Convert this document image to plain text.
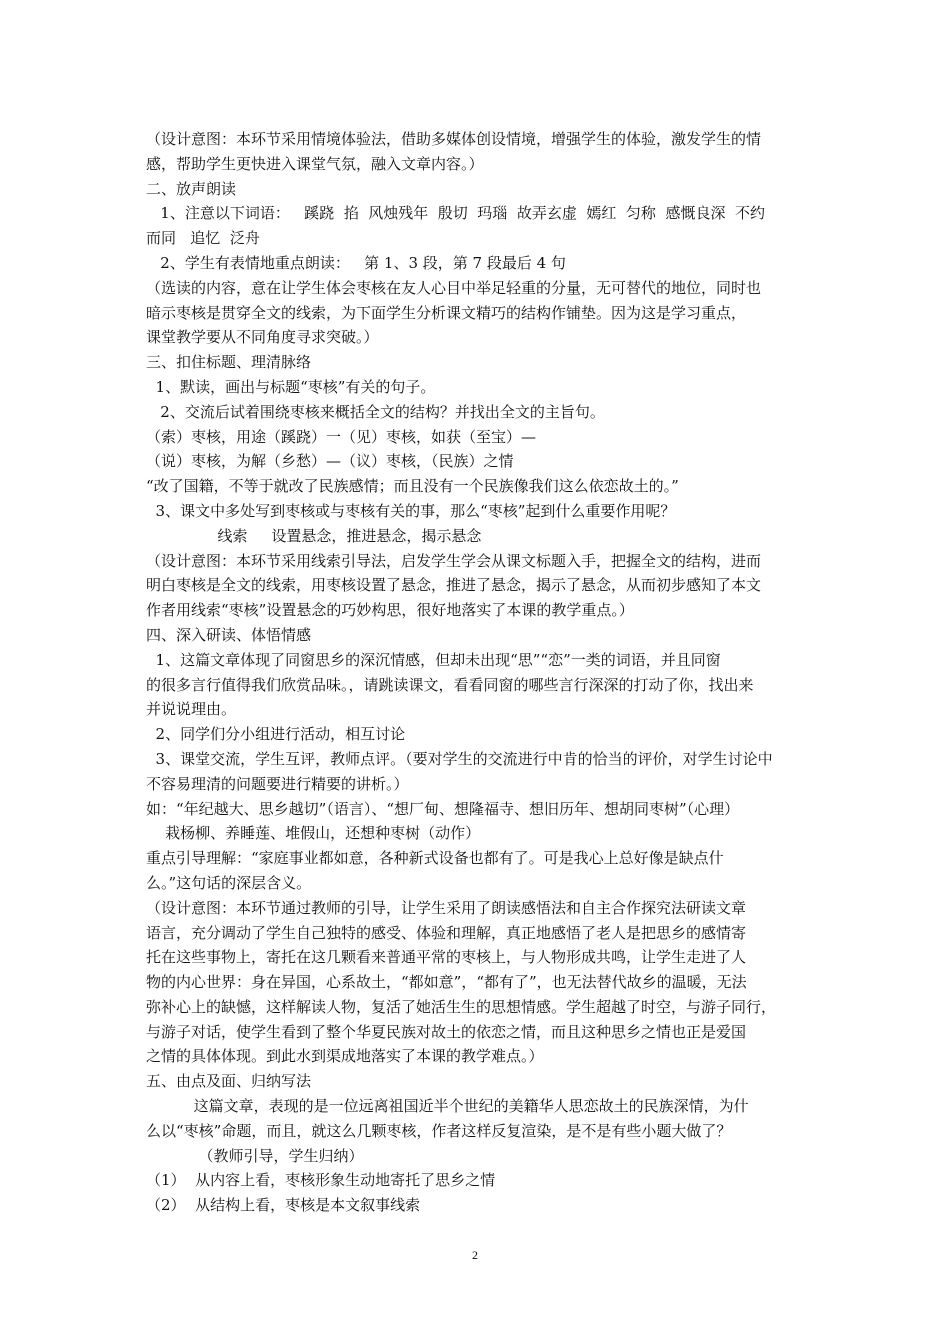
（设计意图：本环节采用情境体验法，借助多媒体创设情境，增强学生的体验，激发学生的情
感，帮助学生更快进入课堂气氛，融入文章内容。）
二、放声朗读
1、注意以下词语：   蹊跷  掐  风烛残年  殷切  玛瑙  故弄玄虚  嫣红  匀称  感慨良深  不约
而同   追忆  泛舟
2、学生有表情地重点朗读：   第 1、3 段，第 7 段最后 4 句
（选读的内容，意在让学生体会枣核在友人心目中举足轻重的分量，无可替代的地位，同时也
暗示枣核是贯穿全文的线索，为下面学生分析课文精巧的结构作铺垫。因为这是学习重点，
课堂教学要从不同角度寻求突破。）
三、扣住标题、理清脉络
1、默读，画出与标题“枣核”有关的句子。
2、交流后试着围绕枣核来概括全文的结构？并找出全文的主旨句。
（索）枣核，用途（蹊跷）一（见）枣核，如获（至宝）—
（说）枣核，为解（乡愁）—（议）枣核，（民族）之情
“改了国籍，不等于就改了民族感情；而且没有一个民族像我们这么依恋故土的。”
3、课文中多处写到枣核或与枣核有关的事，那么“枣核”起到什么重要作用呢？
线索     设置悬念，推进悬念，揭示悬念
（设计意图：本环节采用线索引导法，启发学生学会从课文标题入手，把握全文的结构，进而
明白枣核是全文的线索，用枣核设置了悬念，推进了悬念，揭示了悬念，从而初步感知了本文
作者用线索“枣核”设置悬念的巧妙构思，很好地落实了本课的教学重点。）
四、深入研读、体悟情感
1、这篇文章体现了同窗思乡的深沉情感，但却未出现“思”“恋”一类的词语，并且同窗
的很多言行值得我们欣赏品味。，请跳读课文，看看同窗的哪些言行深深的打动了你，找出来
并说说理由。
2、同学们分小组进行活动，相互讨论
3、课堂交流，学生互评，教师点评。（要对学生的交流进行中肯的恰当的评价，对学生讨论中
不容易理清的问题要进行精要的讲析。）
如：“年纪越大、思乡越切”（语言）、“想厂甸、想隆福寺、想旧历年、想胡同枣树”（心理）
栽杨柳、养睡莲、堆假山，还想种枣树（动作）
重点引导理解：“家庭事业都如意，各种新式设备也都有了。可是我心上总好像是缺点什
么。”这句话的深层含义。
（设计意图：本环节通过教师的引导，让学生采用了朗读感悟法和自主合作探究法研读文章
语言，充分调动了学生自己独特的感受、体验和理解，真正地感悟了老人是把思乡的感情寄
托在这些事物上，寄托在这几颗看来普通平常的枣核上，与人物形成共鸣，让学生走进了人
物的内心世界：身在异国，心系故土，“都如意”，“都有了”，也无法替代故乡的温暖，无法
弥补心上的缺憾，这样解读人物，复活了她活生生的思想情感。学生超越了时空，与游子同行，
与游子对话，使学生看到了整个华夏民族对故土的依恋之情，而且这种思乡之情也正是爱国
之情的具体体现。到此水到渠成地落实了本课的教学难点。）
五、由点及面、归纳写法
这篇文章，表现的是一位远离祖国近半个世纪的美籍华人思恋故土的民族深情，为什
么以“枣核”命题，而且，就这么几颗枣核，作者这样反复渲染，是不是有些小题大做了？
（教师引导，学生归纳）
（1）  从内容上看，枣核形象生动地寄托了思乡之情
（2）  从结构上看，枣核是本文叙事线索
2
